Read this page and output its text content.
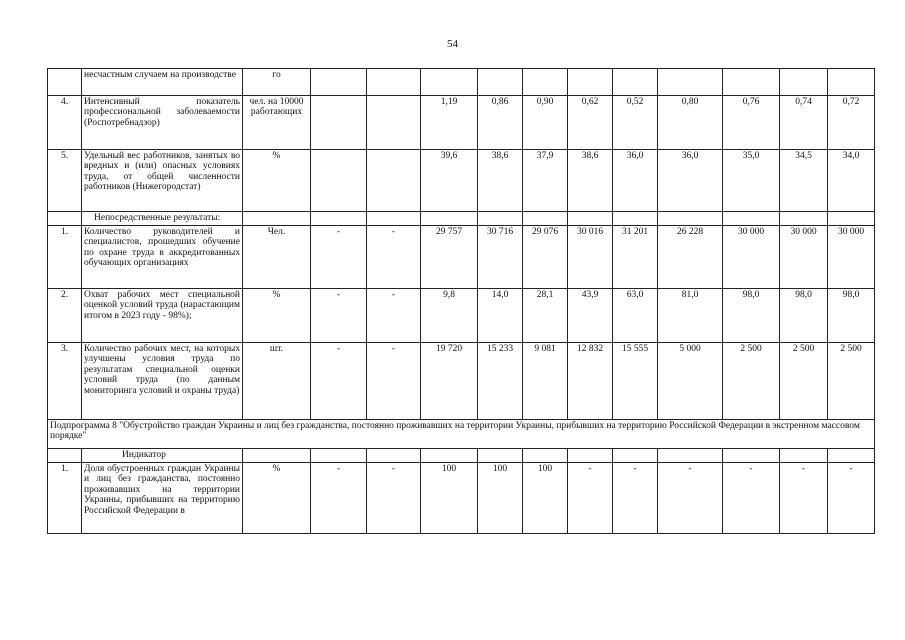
54
	несчастным случаем на производстве	го											
4.	Интенсивный показатель профессиональной заболеваемости (Роспотребнадзор)	чел. на 10000 работающих			1,19	0,86	0,90	0,62	0,52	0,80	0,76	0,74	0,72
5.	Удельный вес работников, занятых во вредных и (или) опасных условиях труда, от общей численности работников (Нижегородстат)	%			39,6	38,6	37,9	38,6	36,0	36,0	35,0	34,5	34,0
	Непосредственные результаты:												
1.	Количество руководителей и специалистов, прошедших обучение по охране труда в аккредитованных обучающих организациях	Чел.	-	-	29 757	30 716	29 076	30 016	31 201	26 228	30 000	30 000	30 000
2.	Охват рабочих мест специальной оценкой условий труда (нарастающим итогом в 2023 году - 98%);	%	-	-	9,8	14,0	28,1	43,9	63,0	81,0	98,0	98,0	98,0
3.	Количество рабочих мест, на которых улучшены условия труда по результатам специальной оценки условий труда (по данным мониторинга условий и охраны труда)	шт.	-	-	19 720	15 233	9 081	12 832	15 555	5 000	2 500	2 500	2 500
Подпрограмма 8 "Обустройство граждан Украины и лиц без гражданства, постоянно проживавших на территории Украины, прибывших на территорию Российской Федерации в экстренном массовом порядке"													
	Индикатор												
1.	Доля обустроенных граждан Украины и лиц без гражданства, постоянно проживавших на территории Украины, прибывших на территорию Российской Федерации в	%	-	-	100	100	100	-	-	-	-	-	-
